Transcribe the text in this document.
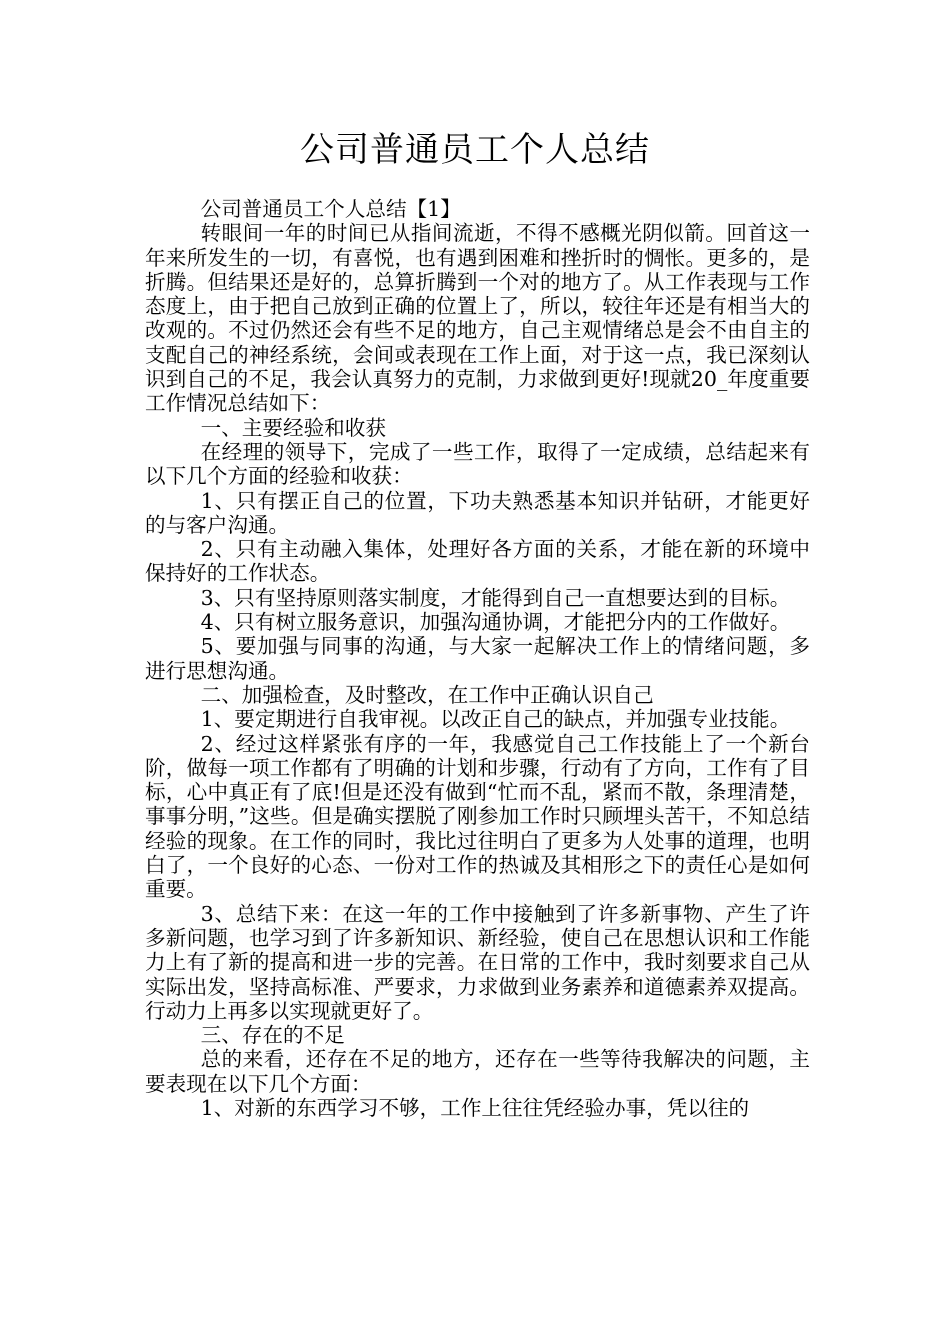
公司普通员工个人总结

公司普通员工个人总结【1】

转眼间一年的时间已从指间流逝，不得不感概光阴似箭。回首这一年来所发生的一切，有喜悦，也有遇到困难和挫折时的惆怅。更多的，是折腾。但结果还是好的，总算折腾到一个对的地方了。从工作表现与工作态度上，由于把自己放到正确的位置上了，所以，较往年还是有相当大的改观的。不过仍然还会有些不足的地方，自己主观情绪总是会不由自主的支配自己的神经系统，会间或表现在工作上面，对于这一点，我已深刻认识到自己的不足，我会认真努力的克制，力求做到更好!现就20_年度重要工作情况总结如下：

一、主要经验和收获

在经理的领导下，完成了一些工作，取得了一定成绩，总结起来有以下几个方面的经验和收获：

1、只有摆正自己的位置，下功夫熟悉基本知识并钻研，才能更好的与客户沟通。

2、只有主动融入集体，处理好各方面的关系，才能在新的环境中保持好的工作状态。

3、只有坚持原则落实制度，才能得到自己一直想要达到的目标。

4、只有树立服务意识，加强沟通协调，才能把分内的工作做好。

5、要加强与同事的沟通，与大家一起解决工作上的情绪问题，多进行思想沟通。

二、加强检查，及时整改，在工作中正确认识自己

1、要定期进行自我审视。以改正自己的缺点，并加强专业技能。

2、经过这样紧张有序的一年，我感觉自己工作技能上了一个新台阶，做每一项工作都有了明确的计划和步骤，行动有了方向，工作有了目标，心中真正有了底!但是还没有做到“忙而不乱，紧而不散，条理清楚，事事分明，”这些。但是确实摆脱了刚参加工作时只顾埋头苦干，不知总结经验的现象。在工作的同时，我比过往明白了更多为人处事的道理，也明白了，一个良好的心态、一份对工作的热诚及其相形之下的责任心是如何重要。

3、总结下来：在这一年的工作中接触到了许多新事物、产生了许多新问题，也学习到了许多新知识、新经验，使自己在思想认识和工作能力上有了新的提高和进一步的完善。在日常的工作中，我时刻要求自己从实际出发，坚持高标准、严要求，力求做到业务素养和道德素养双提高。行动力上再多以实现就更好了。

三、存在的不足

总的来看，还存在不足的地方，还存在一些等待我解决的问题，主要表现在以下几个方面：

1、对新的东西学习不够，工作上往往凭经验办事，凭以往的
